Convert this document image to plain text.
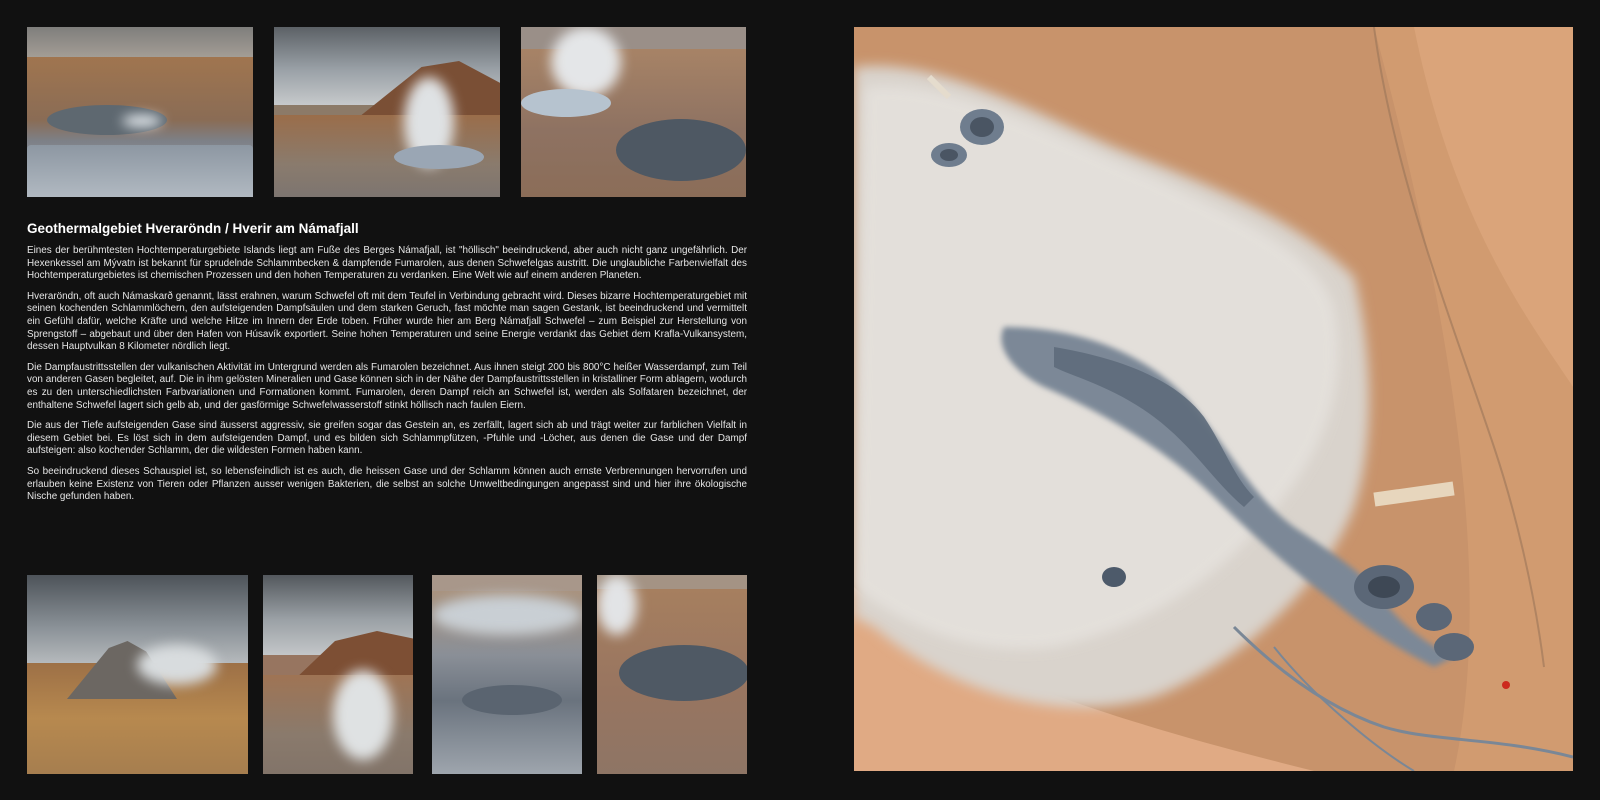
Geothermalgebiet Hveraröndn / Hverir am Námafjall

Eines der berühmtesten Hochtemperaturgebiete Islands liegt am Fuße des Berges Námafjall, ist "höllisch" beeindruckend, aber auch nicht ganz ungefährlich. Der Hexenkessel am Mývatn ist bekannt für sprudelnde Schlammbecken & dampfende Fumarolen, aus denen Schwefelgas austritt. Die unglaubliche Farbenvielfalt des Hochtemperaturgebietes ist chemischen Prozessen und den hohen Temperaturen zu verdanken. Eine Welt wie auf einem anderen Planeten.

Hveraröndn, oft auch Námaskarð genannt, lässt erahnen, warum Schwefel oft mit dem Teufel in Verbindung gebracht wird. Dieses bizarre Hochtemperaturgebiet mit seinen kochenden Schlammlöchern, den aufsteigenden Dampfsäulen und dem starken Geruch, fast möchte man sagen Gestank, ist beeindruckend und vermittelt ein Gefühl dafür, welche Kräfte und welche Hitze im Innern der Erde toben. Früher wurde hier am Berg Námafjall Schwefel – zum Beispiel zur Herstellung von Sprengstoff – abgebaut und über den Hafen von Húsavík exportiert. Seine hohen Temperaturen und seine Energie verdankt das Gebiet dem Krafla-Vulkansystem, dessen Hauptvulkan 8 Kilometer nördlich liegt.

Die Dampfaustrittsstellen der vulkanischen Aktivität im Untergrund werden als Fumarolen bezeichnet. Aus ihnen steigt 200 bis 800°C heißer Wasserdampf, zum Teil von anderen Gasen begleitet, auf. Die in ihm gelösten Mineralien und Gase können sich in der Nähe der Dampfaustrittsstellen in kristalliner Form ablagern, wodurch es zu den unterschiedlichsten Farbvariationen und Formationen kommt. Fumarolen, deren Dampf reich an Schwefel ist, werden als Solfataren bezeichnet, der enthaltene Schwefel lagert sich gelb ab, und der gasförmige Schwefelwasserstoff stinkt höllisch nach faulen Eiern.

Die aus der Tiefe aufsteigenden Gase sind äusserst aggressiv, sie greifen sogar das Gestein an, es zerfällt, lagert sich ab und trägt weiter zur farblichen Vielfalt in diesem Gebiet bei. Es löst sich in dem aufsteigenden Dampf, und es bilden sich Schlammpfützen, -Pfuhle und -Löcher, aus denen die Gase und der Dampf aufsteigen: also kochender Schlamm, der die wildesten Formen haben kann.

So beeindruckend dieses Schauspiel ist, so lebensfeindlich ist es auch, die heissen Gase und der Schlamm können auch ernste Verbrennungen hervorrufen und erlauben keine Existenz von Tieren oder Pflanzen ausser wenigen Bakterien, die selbst an solche Umweltbedingungen angepasst sind und hier ihre ökologische Nische gefunden haben.
